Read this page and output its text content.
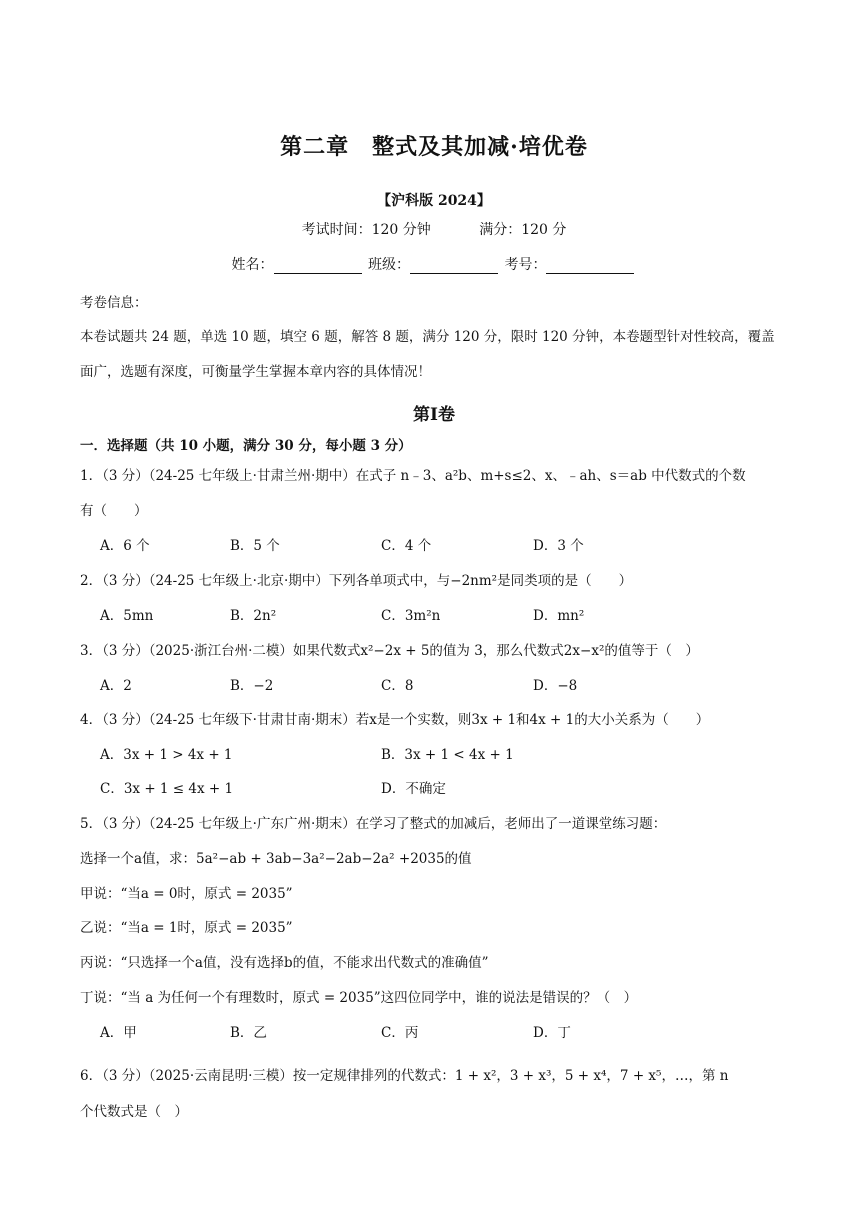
第二章　整式及其加减·培优卷
【沪科版 2024】
考试时间：120 分钟	满分：120 分
姓名：	班级：	考号：
考卷信息：
本卷试题共 24 题，单选 10 题，填空 6 题，解答 8 题，满分 120 分，限时 120 分钟，本卷题型针对性较高，覆盖
面广，选题有深度，可衡量学生掌握本章内容的具体情况！
第Ⅰ卷
一．选择题（共 10 小题，满分 30 分，每小题 3 分）
1．（3 分）（24-25 七年级上·甘肃兰州·期中）在式子 n﹣3、a²b、m+s≤2、x、﹣ah、s＝ab 中代数式的个数
有（　　）
A．6 个	B．5 个	C．4 个	D．3 个
2．（3 分）（24-25 七年级上·北京·期中）下列各单项式中，与−2nm²是同类项的是（　　）
A．5mn	B．2n²	C．3m²n	D．mn²
3．（3 分）（2025·浙江台州·二模）如果代数式x²−2x + 5的值为 3，那么代数式2x−x²的值等于（　）
A．2	B．−2	C．8	D．−8
4．（3 分）（24-25 七年级下·甘肃甘南·期末）若x是一个实数，则3x + 1和4x + 1的大小关系为（　　）
A．3x + 1 > 4x + 1	B．3x + 1 < 4x + 1
C．3x + 1 ≤ 4x + 1	D．不确定
5．（3 分）（24-25 七年级上·广东广州·期末）在学习了整式的加减后，老师出了一道课堂练习题：
选择一个a值，求：5a²−ab + 3ab−3a²−2ab−2a² +2035的值
甲说：“当a = 0时，原式 = 2035”
乙说：“当a = 1时，原式 = 2035”
丙说：“只选择一个a值，没有选择b的值，不能求出代数式的准确值”
丁说：“当 a 为任何一个有理数时，原式 = 2035”这四位同学中，谁的说法是错误的？（　）
A．甲	B．乙	C．丙	D．丁
6．（3 分）（2025·云南昆明·三模）按一定规律排列的代数式：1 + x²，3 + x³，5 + x⁴，7 + x⁵，…，第 n
个代数式是（　）
